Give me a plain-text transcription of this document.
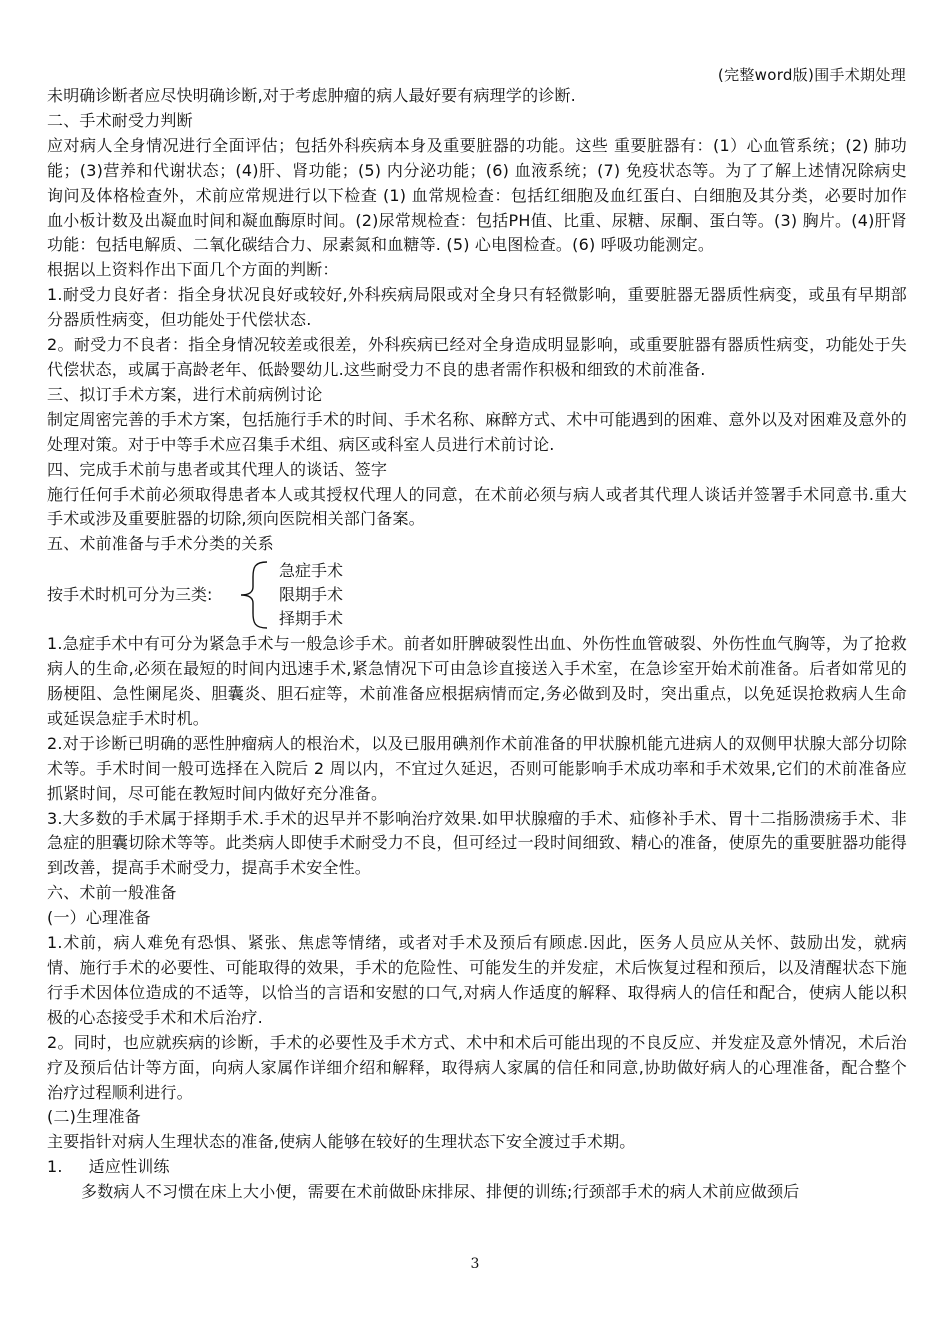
(完整word版)围手术期处理

未明确诊断者应尽快明确诊断,对于考虑肿瘤的病人最好要有病理学的诊断.

二、手术耐受力判断

应对病人全身情况进行全面评估；包括外科疾病本身及重要脏器的功能。这些 重要脏器有：(1）心血管系统；(2) 肺功能；(3)营养和代谢状态；(4)肝、肾功能；(5) 内分泌功能；(6) 血液系统；(7) 免疫状态等。为了了解上述情况除病史询问及体格检查外，术前应常规进行以下检查 (1) 血常规检查：包括红细胞及血红蛋白、白细胞及其分类，必要时加作血小板计数及出凝血时间和凝血酶原时间。(2)尿常规检查：包括PH值、比重、尿糖、尿酮、蛋白等。(3) 胸片。(4)肝肾功能：包括电解质、二氧化碳结合力、尿素氮和血糖等. (5) 心电图检查。(6) 呼吸功能测定。

根据以上资料作出下面几个方面的判断：

1.耐受力良好者：指全身状况良好或较好,外科疾病局限或对全身只有轻微影响，重要脏器无器质性病变，或虽有早期部分器质性病变，但功能处于代偿状态.

2。耐受力不良者：指全身情况较差或很差，外科疾病已经对全身造成明显影响，或重要脏器有器质性病变，功能处于失代偿状态，或属于高龄老年、低龄婴幼儿.这些耐受力不良的患者需作积极和细致的术前准备.

三、拟订手术方案，进行术前病例讨论

制定周密完善的手术方案，包括施行手术的时间、手术名称、麻醉方式、术中可能遇到的困难、意外以及对困难及意外的处理对策。对于中等手术应召集手术组、病区或科室人员进行术前讨论.

四、完成手术前与患者或其代理人的谈话、签字

施行任何手术前必须取得患者本人或其授权代理人的同意，在术前必须与病人或者其代理人谈话并签署手术同意书.重大手术或涉及重要脏器的切除,须向医院相关部门备案。

五、术前准备与手术分类的关系

按手术时机可分为三类:
急症手术
限期手术
择期手术

1.急症手术中有可分为紧急手术与一般急诊手术。前者如肝脾破裂性出血、外伤性血管破裂、外伤性血气胸等，为了抢救病人的生命,必须在最短的时间内迅速手术,紧急情况下可由急诊直接送入手术室，在急诊室开始术前准备。后者如常见的肠梗阻、急性阑尾炎、胆囊炎、胆石症等，术前准备应根据病情而定,务必做到及时，突出重点，以免延误抢救病人生命或延误急症手术时机。

2.对于诊断已明确的恶性肿瘤病人的根治术，以及已服用碘剂作术前准备的甲状腺机能亢进病人的双侧甲状腺大部分切除术等。手术时间一般可选择在入院后 2 周以内，不宜过久延迟，否则可能影响手术成功率和手术效果,它们的术前准备应抓紧时间，尽可能在教短时间内做好充分准备。

3.大多数的手术属于择期手术.手术的迟早并不影响治疗效果.如甲状腺瘤的手术、疝修补手术、胃十二指肠溃疡手术、非急症的胆囊切除术等等。此类病人即使手术耐受力不良，但可经过一段时间细致、精心的准备，使原先的重要脏器功能得到改善，提高手术耐受力，提高手术安全性。

六、术前一般准备

(一）心理准备

1.术前，病人难免有恐惧、紧张、焦虑等情绪，或者对手术及预后有顾虑.因此，医务人员应从关怀、鼓励出发，就病情、施行手术的必要性、可能取得的效果，手术的危险性、可能发生的并发症，术后恢复过程和预后，以及清醒状态下施行手术因体位造成的不适等，以恰当的言语和安慰的口气,对病人作适度的解释、取得病人的信任和配合，使病人能以积极的心态接受手术和术后治疗.

2。同时，也应就疾病的诊断，手术的必要性及手术方式、术中和术后可能出现的不良反应、并发症及意外情况，术后治疗及预后估计等方面，向病人家属作详细介绍和解释，取得病人家属的信任和同意,协助做好病人的心理准备，配合整个治疗过程顺利进行。

(二)生理准备

主要指针对病人生理状态的准备,使病人能够在较好的生理状态下安全渡过手术期。

1. 适应性训练

多数病人不习惯在床上大小便，需要在术前做卧床排尿、排便的训练;行颈部手术的病人术前应做颈后

3
